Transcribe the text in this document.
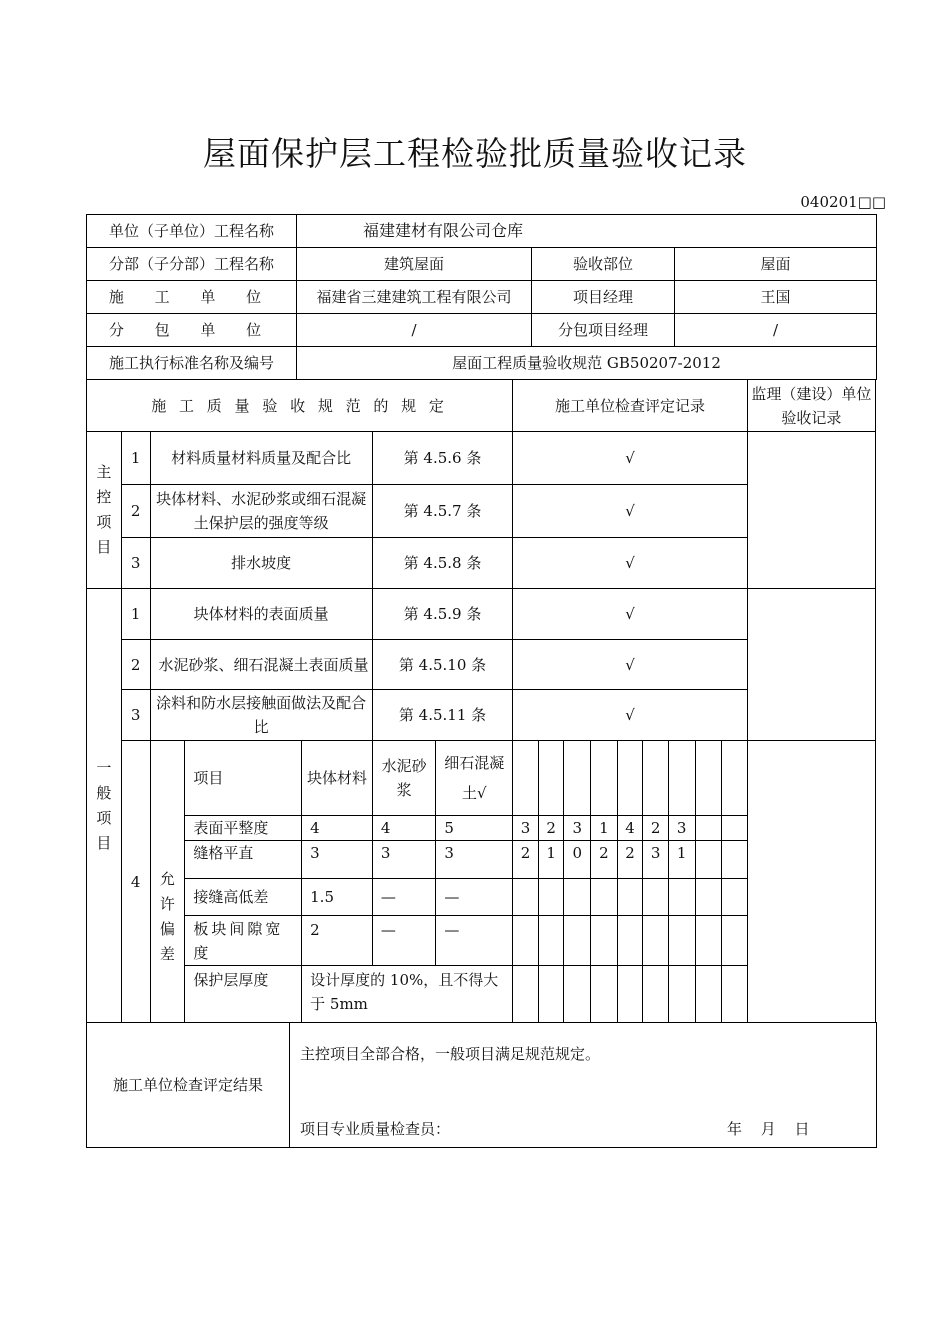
屋面保护层工程检验批质量验收记录
040201□□
单位（子单位）工程名称	福建建材有限公司仓库		
分部（子分部）工程名称	建筑屋面	验收部位	屋面
施 工 单 位	福建省三建建筑工程有限公司	项目经理	王国
分 包 单 位	/	分包项目经理	/
施工执行标准名称及编号	屋面工程质量验收规范 GB50207-2012		
施 工 质 量 验 收 规 范 的 规 定							施工单位检查评定记录									监理（建设）单位验收记录

主控项目	1	材料质量材料质量及配合比			第 4.5.6 条		√									
	2	块体材料、水泥砂浆或细石混凝土保护层的强度等级			第 4.5.7 条		√									
	3	排水坡度			第 4.5.8 条		√									

一般项目	1	块体材料的表面质量			第 4.5.9 条		√									
	2	水泥砂浆、细石混凝土表面质量			第 4.5.10 条		√									
	3	涂料和防水层接触面做法及配合比			第 4.5.11 条		√									
	4	允许偏差	项目	块体材料	水泥砂浆	细石混凝土√										
			表面平整度	4	4	5	3	2	3	1	4	2	3			
			缝格平直	3	3	3	2	1	0	2	2	3	1			
			接缝高低差	1.5	—	—										
			板块间隙宽度	2	—	—										
			保护层厚度	设计厚度的 10%，且不得大于 5mm												
施工单位检查评定结果	
主控项目全部合格，一般项目满足规范规定。
项目专业质量检查员：	年 月 日
